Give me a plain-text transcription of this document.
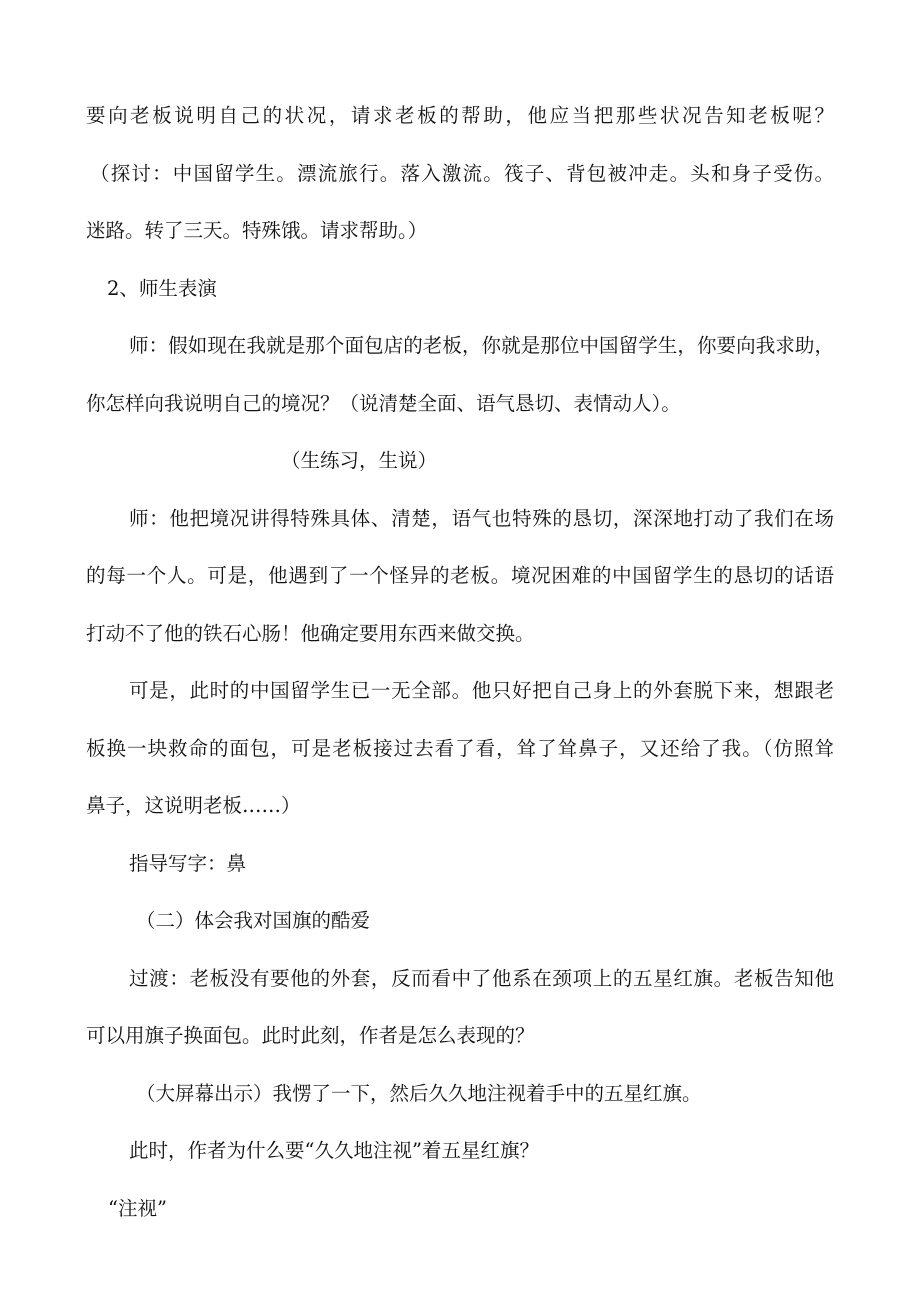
要向老板说明自己的状况，请求老板的帮助，他应当把那些状况告知老板呢？
（探讨：中国留学生。漂流旅行。落入激流。筏子、背包被冲走。头和身子受伤。
迷路。转了三天。特殊饿。请求帮助。）
2、师生表演
师：假如现在我就是那个面包店的老板，你就是那位中国留学生，你要向我求助，
你怎样向我说明自己的境况？（说清楚全面、语气恳切、表情动人）。
（生练习，生说）
师：他把境况讲得特殊具体、清楚，语气也特殊的恳切，深深地打动了我们在场
的每一个人。可是，他遇到了一个怪异的老板。境况困难的中国留学生的恳切的话语
打动不了他的铁石心肠！他确定要用东西来做交换。
可是，此时的中国留学生已一无全部。他只好把自己身上的外套脱下来，想跟老
板换一块救命的面包，可是老板接过去看了看，耸了耸鼻子，又还给了我。（仿照耸
鼻子，这说明老板……）
指导写字：鼻
（二）体会我对国旗的酷爱
过渡：老板没有要他的外套，反而看中了他系在颈项上的五星红旗。老板告知他
可以用旗子换面包。此时此刻，作者是怎么表现的？
（大屏幕出示）我愣了一下，然后久久地注视着手中的五星红旗。
此时，作者为什么要“久久地注视”着五星红旗？
“注视”
